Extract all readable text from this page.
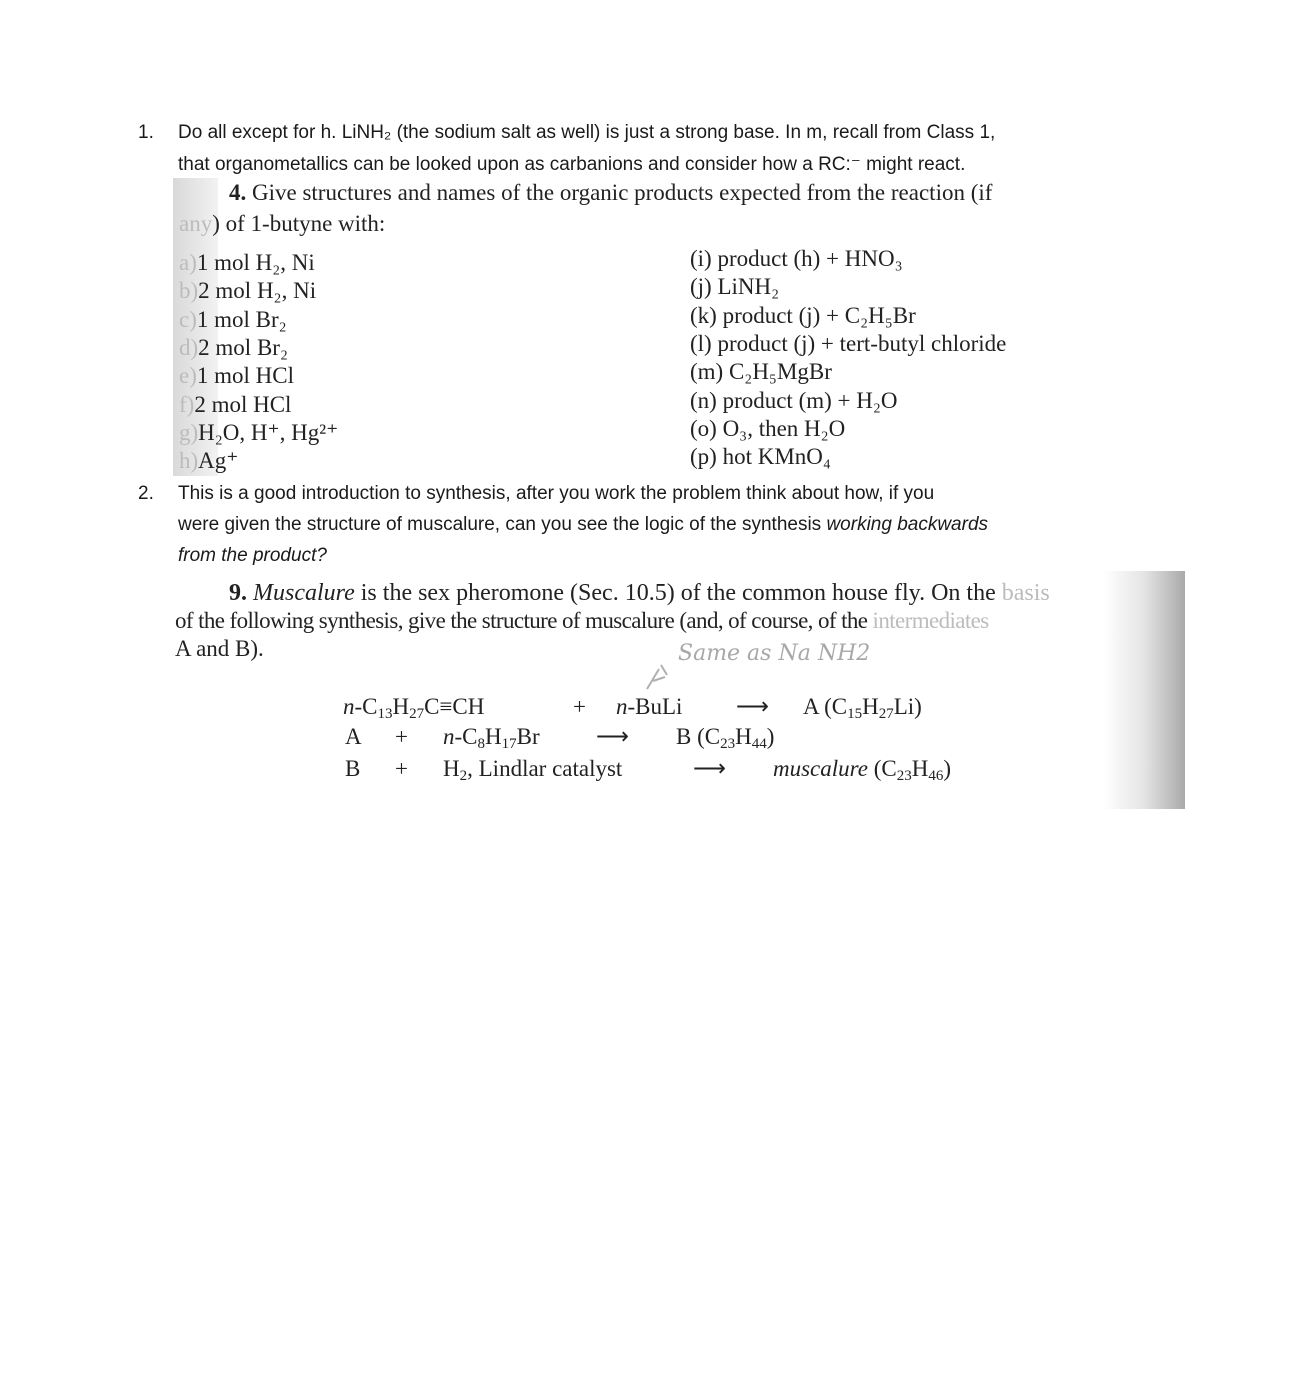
1. Do all except for h. LiNH₂ (the sodium salt as well) is just a strong base. In m, recall from Class 1,
that organometallics can be looked upon as carbanions and consider how a RC:⁻ might react.
4. Give structures and names of the organic products expected from the reaction (if
any) of 1-butyne with:
a)1 mol H₂, Ni
b)2 mol H₂, Ni
c)1 mol Br₂
d)2 mol Br₂
e)1 mol HCl
f)2 mol HCl
g)H₂O, H⁺, Hg²⁺
h)Ag⁺
(i) product (h) + HNO₃
(j) LiNH₂
(k) product (j) + C₂H₅Br
(l) product (j) + tert-butyl chloride
(m) C₂H₅MgBr
(n) product (m) + H₂O
(o) O₃, then H₂O
(p) hot KMnO₄
2. This is a good introduction to synthesis, after you work the problem think about how, if you
were given the structure of muscalure, can you see the logic of the synthesis working backwards
from the product?
9. Muscalure is the sex pheromone (Sec. 10.5) of the common house fly. On the basis
of the following synthesis, give the structure of muscalure (and, of course, of the intermediates
A and B).	Same as Na NH2
$n-C_{13}H_{27}C\equiv CH$	+ n-BuLi ⟶ A $(C_{15}H_{27}Li)$
$A + n-C_8H_{17}Br$ ⟶ B $(C_{23}H_{44})$
$B + H_2$, Lindlar catalyst	⟶ muscalure $(C_{23}H_{46})$
